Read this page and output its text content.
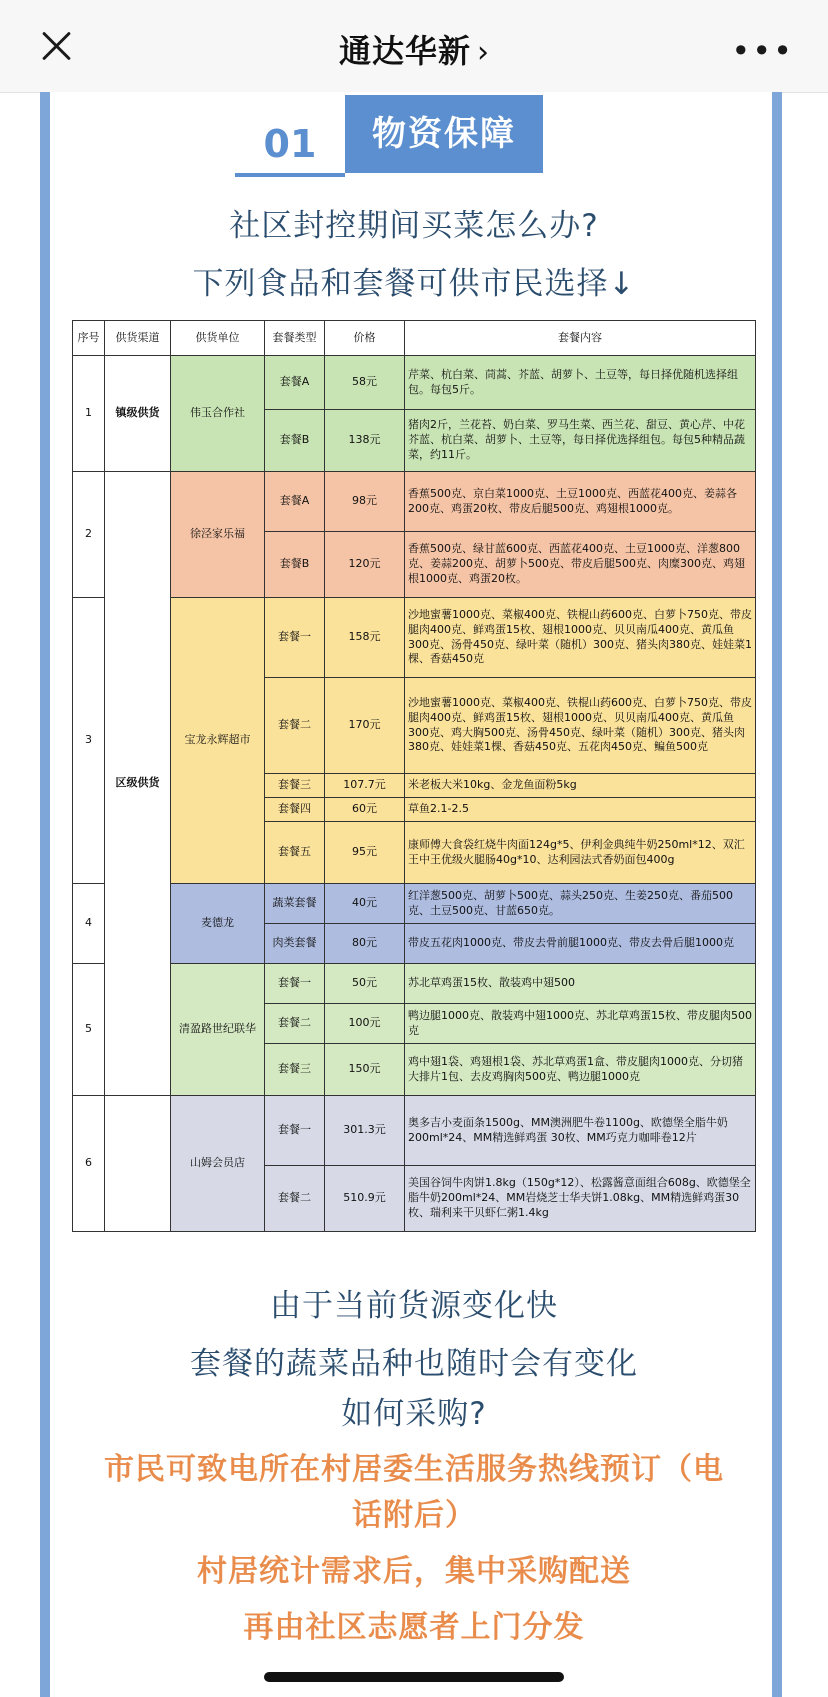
通达华新 ›	•••
01	物资保障
社区封控期间买菜怎么办?
下列食品和套餐可供市民选择↓
序号	供货渠道	供货单位	套餐类型	价格	套餐内容
1	镇级供货	伟玉合作社	套餐A	58元	芹菜、杭白菜、茼蒿、芥蓝、胡萝卜、土豆等，每日择优随机选择组包。每包5斤。
			套餐B	138元	猪肉2斤，兰花苔、奶白菜、罗马生菜、西兰花、甜豆、黄心芹、中花芥蓝、杭白菜、胡萝卜、土豆等，每日择优选择组包。每包5种精品蔬菜，约11斤。
2	区级供货	徐泾家乐福	套餐A	98元	香蕉500克、京白菜1000克、土豆1000克、西蓝花400克、姜蒜各200克、鸡蛋20枚、带皮后腿500克、鸡翅根1000克。
			套餐B	120元	香蕉500克、绿甘蓝600克、西蓝花400克、土豆1000克、洋葱800克、姜蒜200克、胡萝卜500克、带皮后腿500克、肉糜300克、鸡翅根1000克、鸡蛋20枚。
3		宝龙永辉超市	套餐一	158元	沙地蜜薯1000克、菜椒400克、铁棍山药600克、白萝卜750克、带皮腿肉400克、鲜鸡蛋15枚、翅根1000克、贝贝南瓜400克、黄瓜鱼300克、汤骨450克、绿叶菜（随机）300克、猪头肉380克、娃娃菜1棵、香菇450克
			套餐二	170元	沙地蜜薯1000克、菜椒400克、铁棍山药600克、白萝卜750克、带皮腿肉400克、鲜鸡蛋15枚、翅根1000克、贝贝南瓜400克、黄瓜鱼300克、鸡大胸500克、汤骨450克、绿叶菜（随机）300克、猪头肉380克、娃娃菜1棵、香菇450克、五花肉450克、鳊鱼500克
			套餐三	107.7元	米老板大米10kg、金龙鱼面粉5kg
			套餐四	60元	草鱼2.1-2.5
			套餐五	95元	康师傅大食袋红烧牛肉面124g*5、伊利金典纯牛奶250ml*12、双汇王中王优级火腿肠40g*10、达利园法式香奶面包400g
4		麦德龙	蔬菜套餐	40元	红洋葱500克、胡萝卜500克、蒜头250克、生姜250克、番茄500克、土豆500克、甘蓝650克。
			肉类套餐	80元	带皮五花肉1000克、带皮去骨前腿1000克、带皮去骨后腿1000克
5		清盈路世纪联华	套餐一	50元	苏北草鸡蛋15枚、散装鸡中翅500
			套餐二	100元	鸭边腿1000克、散装鸡中翅1000克、苏北草鸡蛋15枚、带皮腿肉500克
			套餐三	150元	鸡中翅1袋、鸡翅根1袋、苏北草鸡蛋1盒、带皮腿肉1000克、分切猪大排片1包、去皮鸡胸肉500克、鸭边腿1000克
6		山姆会员店	套餐一	301.3元	奥多吉小麦面条1500g、MM澳洲肥牛卷1100g、欧德堡全脂牛奶200ml*24、MM精选鲜鸡蛋 30枚、MM巧克力咖啡卷12片
			套餐二	510.9元	美国谷饲牛肉饼1.8kg（150g*12）、松露酱意面组合608g、欧德堡全脂牛奶200ml*24、MM岩烧芝士华夫饼1.08kg、MM精选鲜鸡蛋30枚、瑞利来干贝虾仁粥1.4kg
由于当前货源变化快
套餐的蔬菜品种也随时会有变化
如何采购?
市民可致电所在村居委生活服务热线预订（电
话附后）
村居统计需求后，集中采购配送
再由社区志愿者上门分发
